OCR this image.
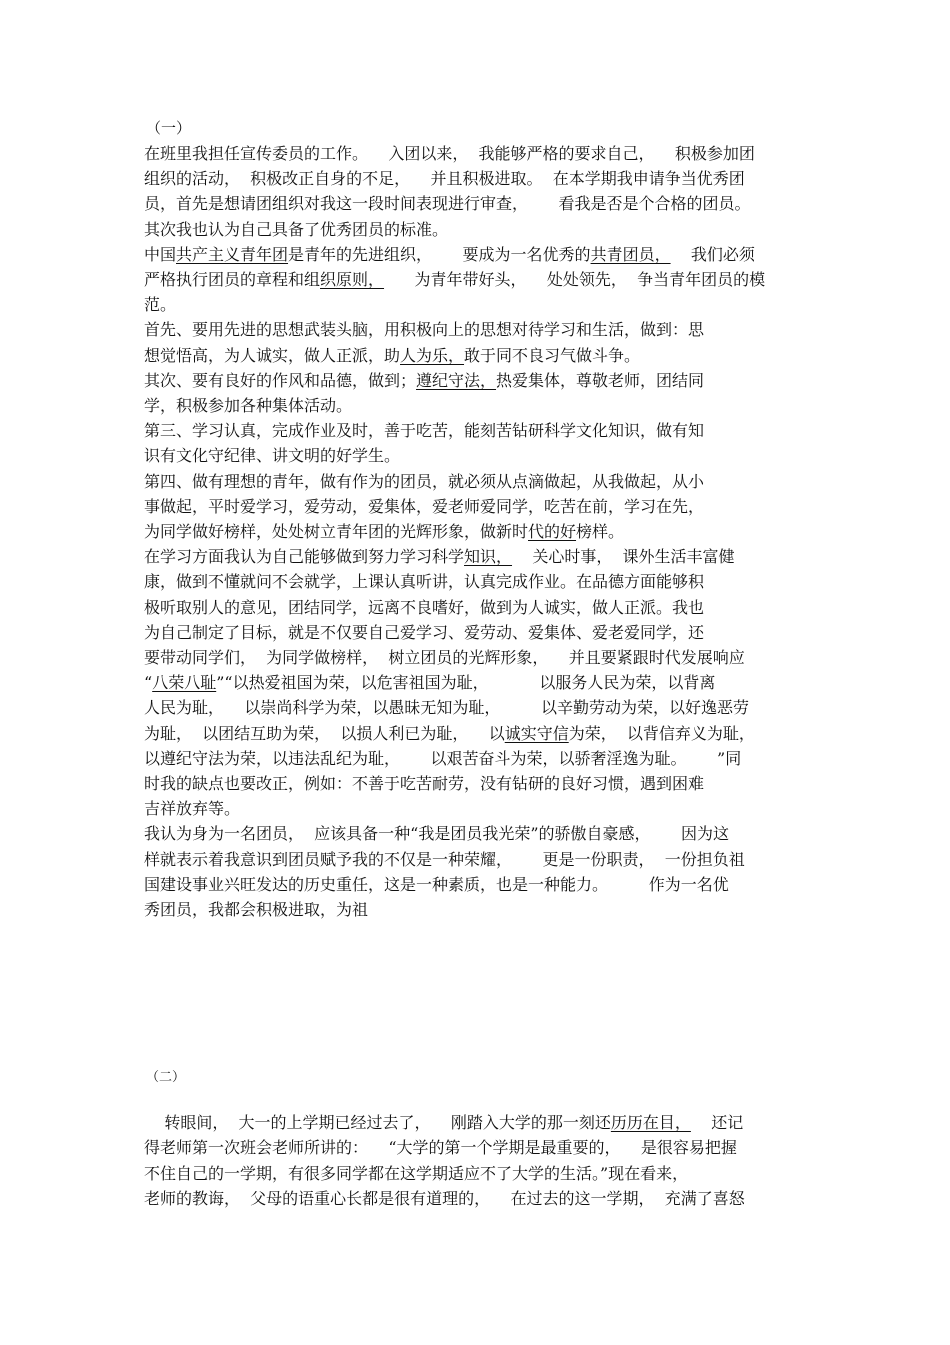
（一）

在班里我担任宣传委员的工作。    入团以来，  我能够严格的要求自己，    积极参加团

组织的活动，  积极改正自身的不足，    并且积极进取。  在本学期我申请争当优秀团

员，首先是想请团组织对我这一段时间表现进行审查，      看我是否是个合格的团员。

其次我也认为自己具备了优秀团员的标准。

中国共产主义青年团是青年的先进组织，      要成为一名优秀的共青团员，    我们必须

严格执行团员的章程和组织原则，      为青年带好头，    处处领先，  争当青年团员的模

范。

首先、要用先进的思想武装头脑，用积极向上的思想对待学习和生活，做到：思

想觉悟高，为人诚实，做人正派，助人为乐，敢于同不良习气做斗争。

其次、要有良好的作风和品德，做到；遵纪守法，热爱集体，尊敬老师，团结同

学，积极参加各种集体活动。

第三、学习认真，完成作业及时，善于吃苦，能刻苦钻研科学文化知识，做有知

识有文化守纪律、讲文明的好学生。

第四、做有理想的青年，做有作为的团员，就必须从点滴做起，从我做起，从小

事做起，平时爱学习，爱劳动，爱集体，爱老师爱同学，吃苦在前，学习在先，

为同学做好榜样，处处树立青年团的光辉形象，做新时代的好榜样。

在学习方面我认为自己能够做到努力学习科学知识，    关心时事，  课外生活丰富健

康，做到不懂就问不会就学，上课认真听讲，认真完成作业。在品德方面能够积

极听取别人的意见，团结同学，远离不良嗜好，做到为人诚实，做人正派。我也

为自己制定了目标，就是不仅要自己爱学习、爱劳动、爱集体、爱老爱同学，还

要带动同学们，  为同学做榜样，  树立团员的光辉形象，    并且要紧跟时代发展响应

“八荣八耻”“以热爱祖国为荣，以危害祖国为耻，          以服务人民为荣，以背离

人民为耻，    以崇尚科学为荣，以愚昧无知为耻，        以辛勤劳动为荣，以好逸恶劳

为耻，  以团结互助为荣，  以损人利已为耻，    以诚实守信为荣，  以背信弃义为耻，

以遵纪守法为荣，以违法乱纪为耻，      以艰苦奋斗为荣，以骄奢淫逸为耻。      ”同

时我的缺点也要改正，例如：不善于吃苦耐劳，没有钻研的良好习惯，遇到困难

吉祥放弃等。

我认为身为一名团员，  应该具备一种“我是团员我光荣”的骄傲自豪感，      因为这

样就表示着我意识到团员赋予我的不仅是一种荣耀，      更是一份职责，  一份担负祖

国建设事业兴旺发达的历史重任，这是一种素质，也是一种能力。        作为一名优

秀团员，我都会积极进取，为祖

（二）

转眼间，  大一的上学期已经过去了，    刚踏入大学的那一刻还历历在目，    还记

得老师第一次班会老师所讲的：    “大学的第一个学期是最重要的，    是很容易把握

不住自己的一学期，有很多同学都在这学期适应不了大学的生活。”现在看来，

老师的教诲，  父母的语重心长都是很有道理的，    在过去的这一学期，  充满了喜怒
